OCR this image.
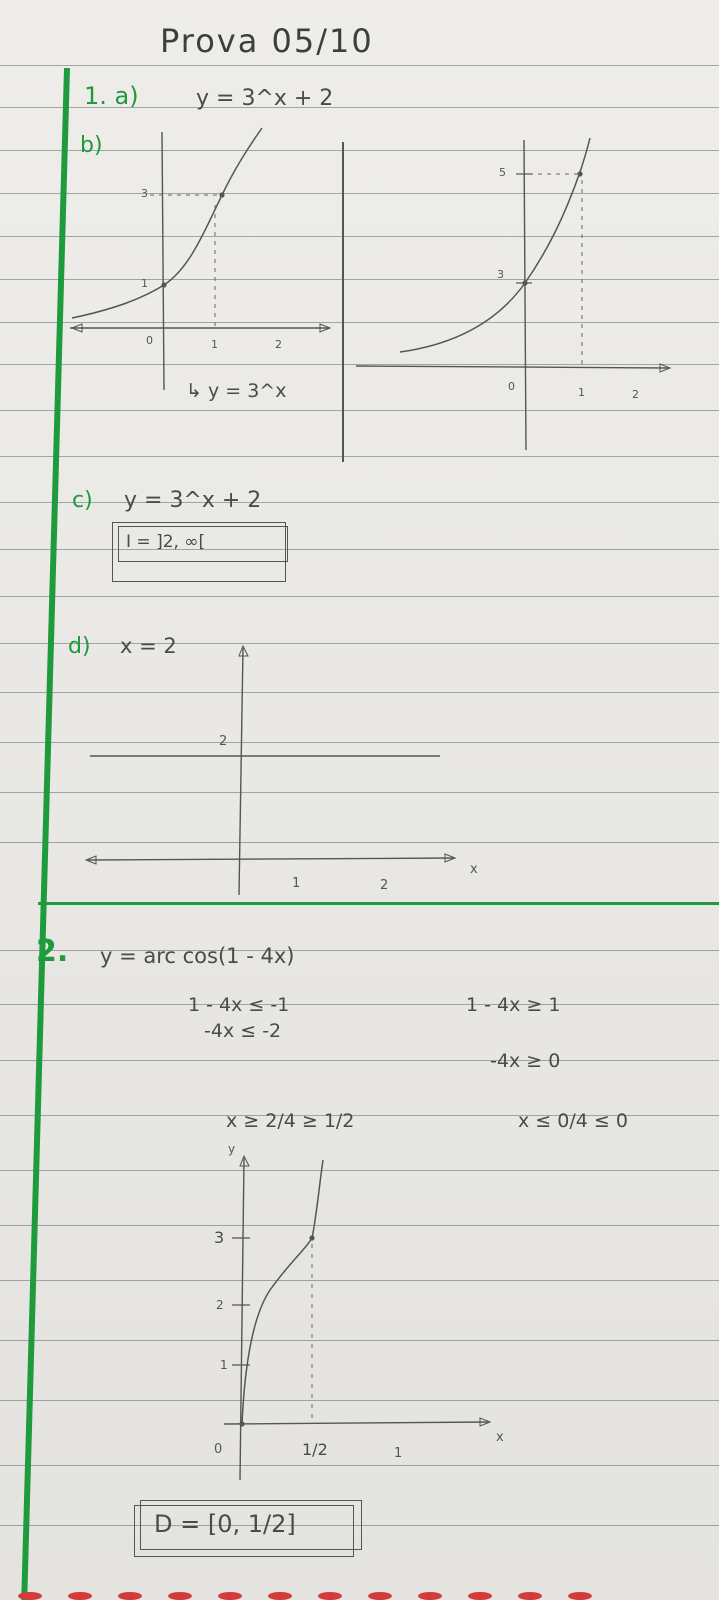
Prova 05/10
1. a)	y = 3^x + 2
b)
3
1
0	1	2
↳ y = 3^x
5
3
0	1	2
c) y = 3^x + 2
I = ]2, ∞[
d) x = 2
2
1	2
x
2. y = arc cos(1 - 4x)
1 - 4x ≤ -1
-4x ≤ -2
x ≥ 2/4 ≥ 1/2
1 - 4x ≥ 1
-4x ≥ 0
x ≤ 0/4 ≤ 0
y
3
2
1
0	1/2	1
x
D = [0, 1/2]
